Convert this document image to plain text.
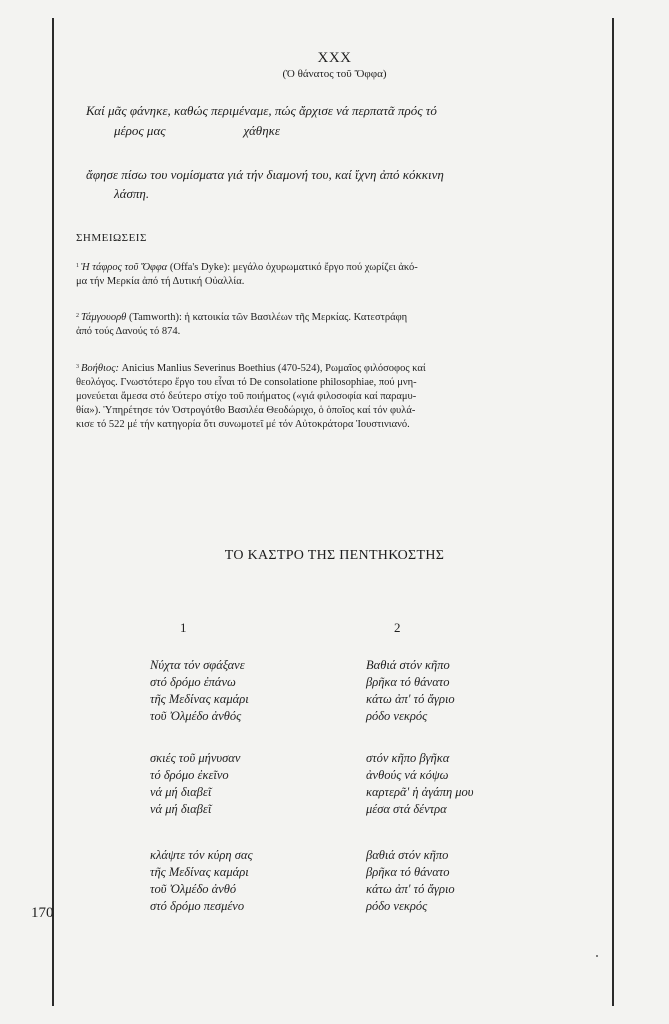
XXX
(Ὁ θάνατος τοῦ Ὄφφα)
Καί μᾶς φάνηκε, καθώς περιμέναμε, πώς ἄρχισε νά περπατᾶ πρός τό
μέρος μας                        χάθηκε
ἄφησε πίσω του νομίσματα γιά τήν διαμονή του, καί ἴχνη ἀπό κόκκινη
λάσπη.
ΣΗΜΕΙΩΣΕΙΣ
$^1$ Ἡ τάφρος τοῦ Ὄφφα (Offa's Dyke): μεγάλο ὀχυρωματικό ἔργο πού χωρίζει ἀκό-
μα τήν Μερκία ἀπό τή Δυτική Οὐαλλία.
$^2$ Τάμγουορθ (Tamworth): ἡ κατοικία τῶν Βασιλέων τῆς Μερκίας. Κατεστράφη
ἀπό τούς Δανούς τό 874.
$^3$ Βοήθιος: Anicius Manlius Severinus Boethius (470-524), Ρωμαῖος φιλόσοφος καί
θεολόγος. Γνωστότερο ἔργο του εἶναι τό De consolatione philosophiae, πού μνη-
μονεύεται ἄμεσα στό δεύτερο στίχο τοῦ ποιήματος («γιά φιλοσοφία καί παραμυ-
θία»). Ὑπηρέτησε τόν Ὀστρογότθο Βασιλέα Θεοδώριχο, ὁ ὁποῖος καί τόν φυλά-
κισε τό 522 μέ τήν κατηγορία ὅτι συνωμοτεῖ μέ τόν Αὐτοκράτορα Ἰουστινιανό.
ΤΟ ΚΑΣΤΡΟ ΤΗΣ ΠΕΝΤΗΚΟΣΤΗΣ
1	2
Νύχτα τόν σφάξανε
στό δρόμο ἐπάνω
τῆς Μεδίνας καμάρι
τοῦ Ὀλμέδο ἀνθός
σκιές τοῦ μήνυσαν
τό δρόμο ἐκεῖνο
νά μή διαβεῖ
νά μή διαβεῖ
κλάψτε τόν κύρη σας
τῆς Μεδίνας καμάρι
τοῦ Ὀλμέδο ἀνθό
στό δρόμο πεσμένο
Βαθιά στόν κῆπο
βρῆκα τό θάνατο
κάτω ἀπ' τό ἄγριο
ρόδο νεκρός
στόν κῆπο βγῆκα
ἀνθούς νά κόψω
καρτερᾶ' ἡ ἀγάπη μου
μέσα στά δέντρα
βαθιά στόν κῆπο
βρῆκα τό θάνατο
κάτω ἀπ' τό ἄγριο
ρόδο νεκρός
170
